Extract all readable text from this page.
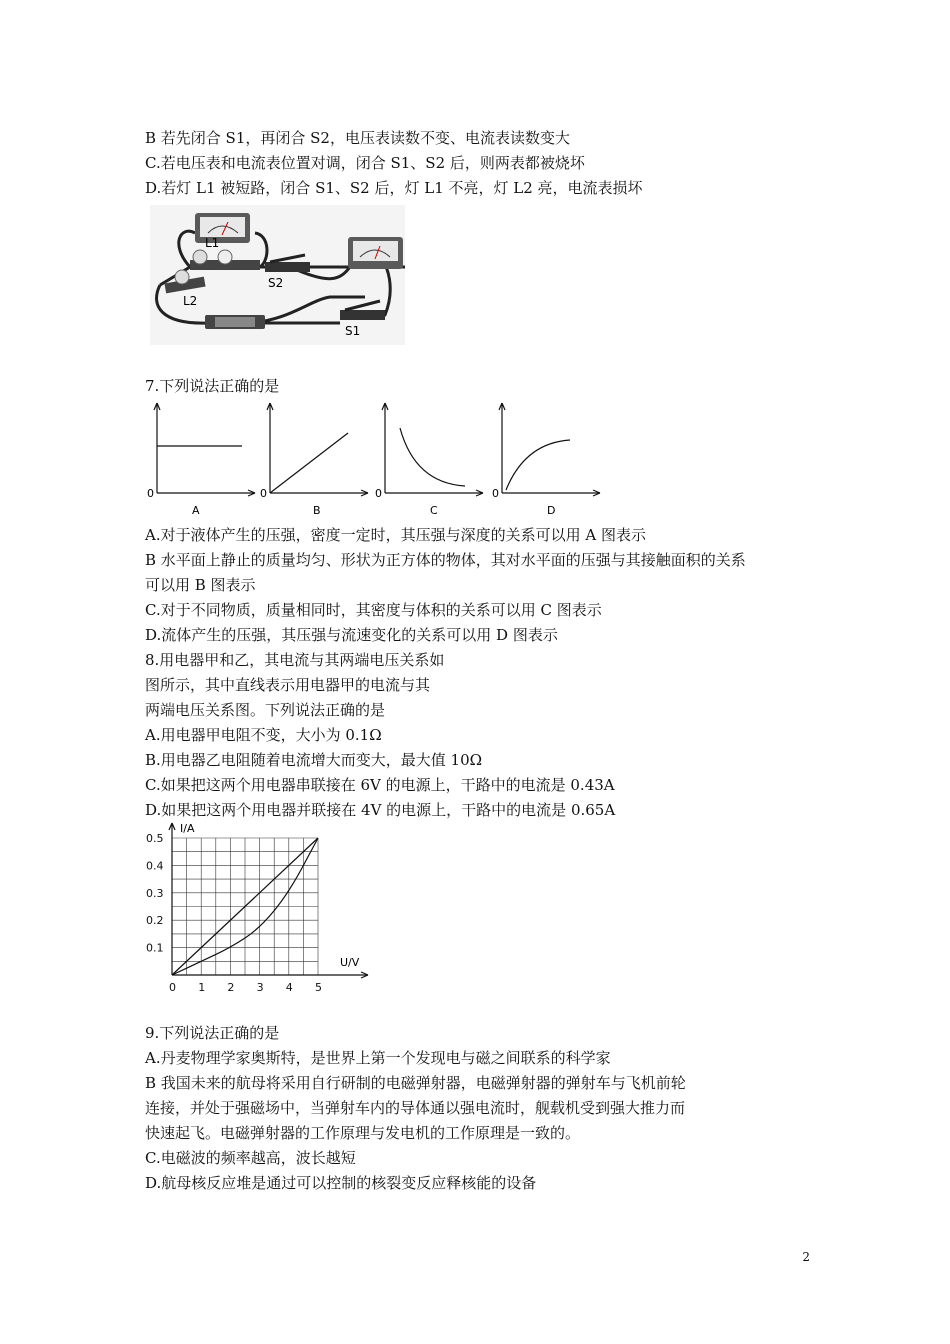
B 若先闭合 S1，再闭合 S2，电压表读数不变、电流表读数变大
C.若电压表和电流表位置对调，闭合 S1、S2 后，则两表都被烧坏
D.若灯 L1 被短路，闭合 S1、S2 后，灯 L1 不亮，灯 L2 亮，电流表损坏
L1
L2
S2
S1
7.下列说法正确的是
0	0	0	0
A	B	C	D
A.对于液体产生的压强，密度一定时，其压强与深度的关系可以用 A 图表示
B 水平面上静止的质量均匀、形状为正方体的物体，其对水平面的压强与其接触面积的关系
可以用 B 图表示
C.对于不同物质，质量相同时，其密度与体积的关系可以用 C 图表示
D.流体产生的压强，其压强与流速变化的关系可以用 D 图表示
8.用电器甲和乙，其电流与其两端电压关系如
图所示，其中直线表示用电器甲的电流与其
两端电压关系图。下列说法正确的是
A.用电器甲电阻不变，大小为 0.1Ω
B.用电器乙电阻随着电流增大而变大，最大值 10Ω
C.如果把这两个用电器串联接在 6V 的电源上，干路中的电流是 0.43A
D.如果把这两个用电器并联接在 4V 的电源上，干路中的电流是 0.65A
0 1 2 3 4 5
0.1
0.2
0.3
0.4
0.5
I/A
U/V
9.下列说法正确的是
A.丹麦物理学家奥斯特，是世界上第一个发现电与磁之间联系的科学家
B 我国未来的航母将采用自行研制的电磁弹射器，电磁弹射器的弹射车与飞机前轮
连接，并处于强磁场中，当弹射车内的导体通以强电流时，舰载机受到强大推力而
快速起飞。电磁弹射器的工作原理与发电机的工作原理是一致的。
C.电磁波的频率越高，波长越短
D.航母核反应堆是通过可以控制的核裂变反应释核能的设备
2
